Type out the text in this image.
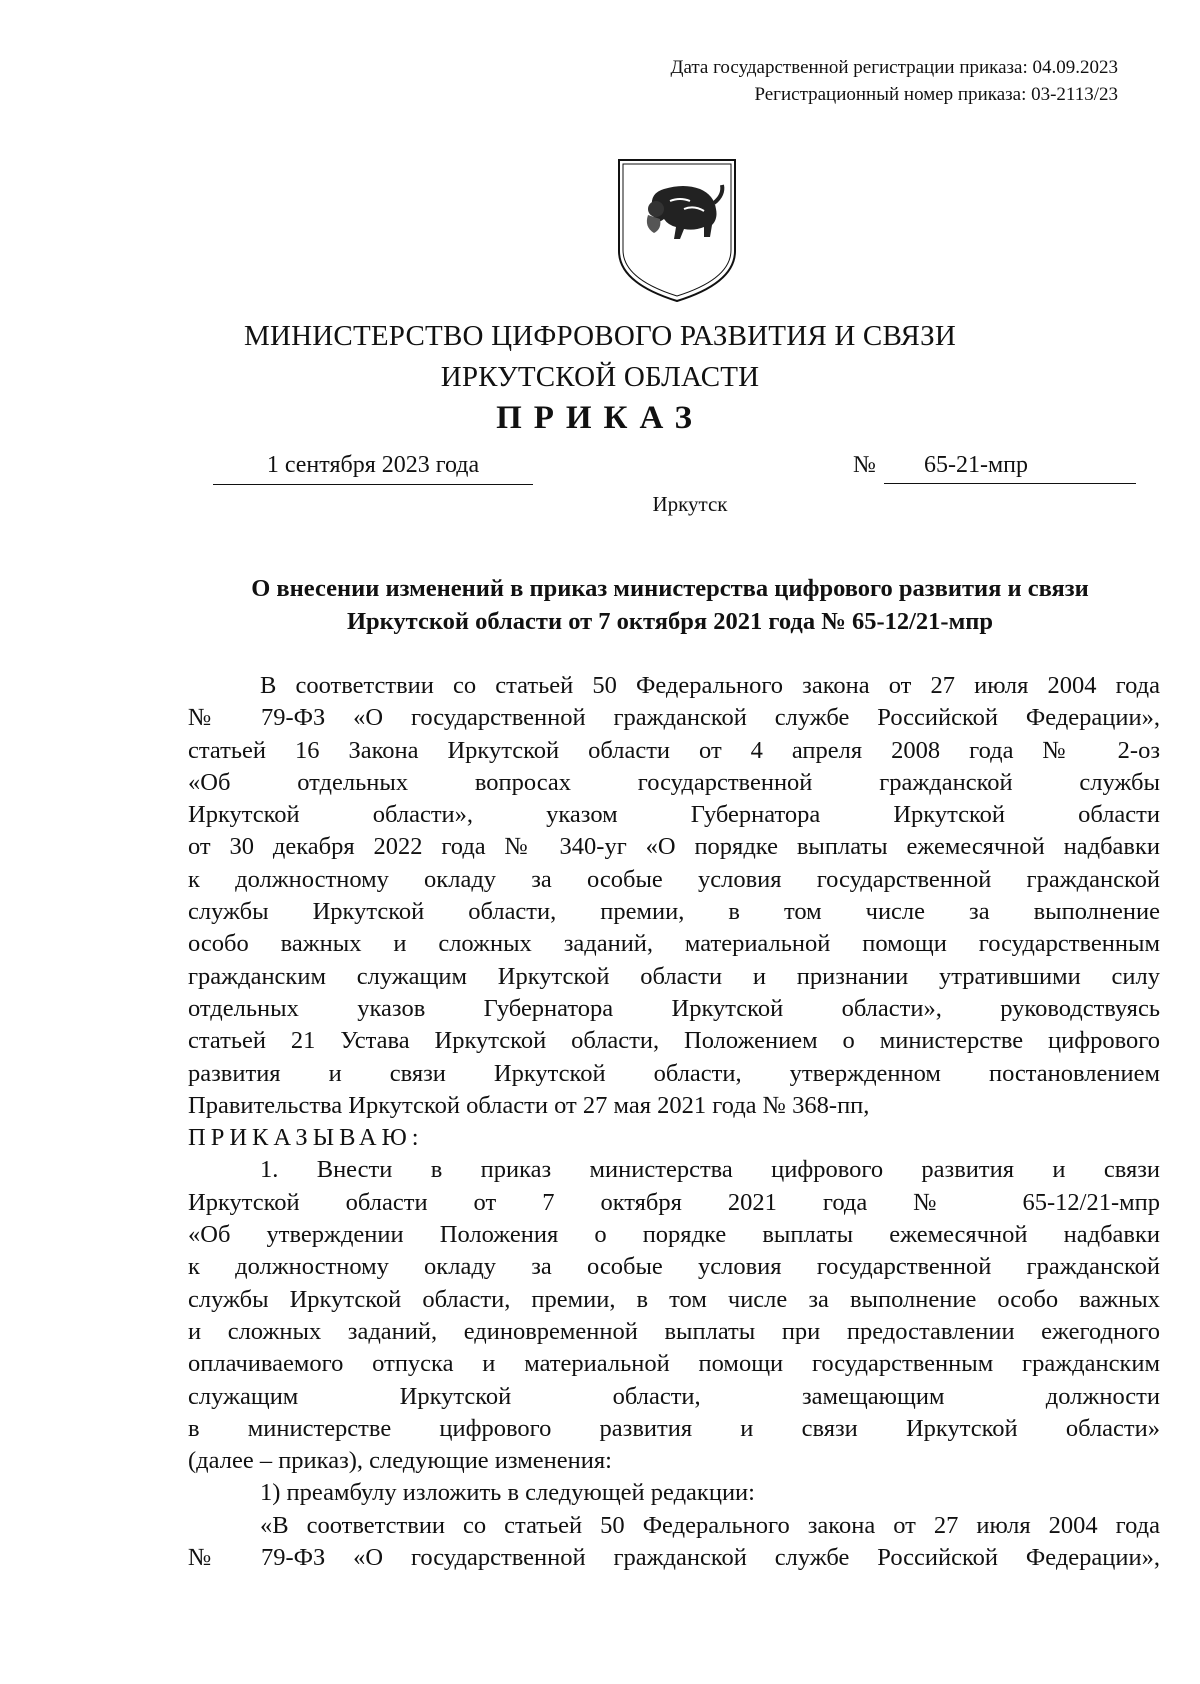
Дата государственной регистрации приказа: 04.09.2023
Регистрационный номер приказа: 03-2113/23
МИНИСТЕРСТВО ЦИФРОВОГО РАЗВИТИЯ И СВЯЗИ
ИРКУТСКОЙ ОБЛАСТИ
ПРИКАЗ
1 сентября 2023 года	№	65-21-мпр
Иркутск
О внесении изменений в приказ министерства цифрового развития и связи
Иркутской области от 7 октября 2021 года № 65-12/21-мпр

В соответствии со статьей 50 Федерального закона от 27 июля 2004 года

№ 79-ФЗ «О государственной гражданской службе Российской Федерации»,

статьей 16 Закона Иркутской области от 4 апреля 2008 года № 2-оз

«Об отдельных вопросах государственной гражданской службы

Иркутской области», указом Губернатора Иркутской области

от 30 декабря 2022 года № 340-уг «О порядке выплаты ежемесячной надбавки

к должностному окладу за особые условия государственной гражданской

службы Иркутской области, премии, в том числе за выполнение

особо важных и сложных заданий, материальной помощи государственным

гражданским служащим Иркутской области и признании утратившими силу

отдельных указов Губернатора Иркутской области», руководствуясь

статьей 21 Устава Иркутской области, Положением о министерстве цифрового

развития и связи Иркутской области, утвержденном постановлением

Правительства Иркутской области от 27 мая 2021 года № 368-пп,

ПРИКАЗЫВАЮ:

1. Внести в приказ министерства цифрового развития и связи

Иркутской области от 7 октября 2021 года № 65-12/21-мпр

«Об утверждении Положения о порядке выплаты ежемесячной надбавки

к должностному окладу за особые условия государственной гражданской

службы Иркутской области, премии, в том числе за выполнение особо важных

и сложных заданий, единовременной выплаты при предоставлении ежегодного

оплачиваемого отпуска и материальной помощи государственным гражданским

служащим Иркутской области, замещающим должности

в министерстве цифрового развития и связи Иркутской области»

(далее – приказ), следующие изменения:

1) преамбулу изложить в следующей редакции:

«В соответствии со статьей 50 Федерального закона от 27 июля 2004 года

№ 79-ФЗ «О государственной гражданской службе Российской Федерации»,
